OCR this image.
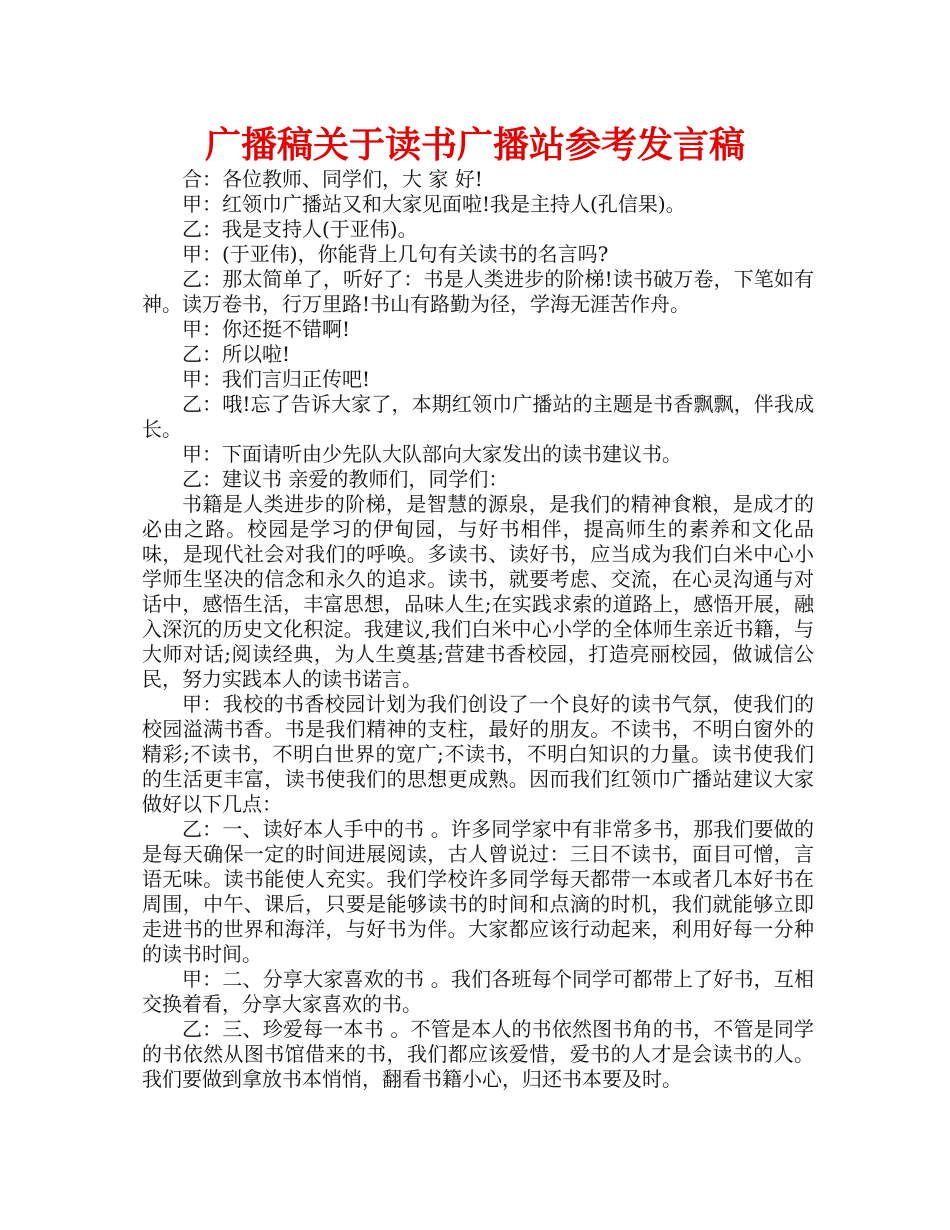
广播稿关于读书广播站参考发言稿

合：各位教师、同学们，大 家 好!

甲：红领巾广播站又和大家见面啦!我是主持人(孔信果)。

乙：我是支持人(于亚伟)。

甲：(于亚伟)，你能背上几句有关读书的名言吗?

乙：那太简单了，听好了：书是人类进步的阶梯!读书破万卷，下笔如有神。读万卷书，行万里路!书山有路勤为径，学海无涯苦作舟。

甲：你还挺不错啊!

乙：所以啦!

甲：我们言归正传吧!

乙：哦!忘了告诉大家了，本期红领巾广播站的主题是书香飘飘，伴我成长。

甲：下面请听由少先队大队部向大家发出的读书建议书。

乙：建议书 亲爱的教师们，同学们：

书籍是人类进步的阶梯，是智慧的源泉，是我们的精神食粮，是成才的必由之路。校园是学习的伊甸园，与好书相伴，提高师生的素养和文化品味，是现代社会对我们的呼唤。多读书、读好书，应当成为我们白米中心小学师生坚决的信念和永久的追求。读书，就要考虑、交流，在心灵沟通与对话中，感悟生活，丰富思想，品味人生;在实践求索的道路上，感悟开展，融入深沉的历史文化积淀。我建议,我们白米中心小学的全体师生亲近书籍，与大师对话;阅读经典，为人生奠基;营建书香校园，打造亮丽校园，做诚信公民，努力实践本人的读书诺言。

甲：我校的书香校园计划为我们创设了一个良好的读书气氛，使我们的校园溢满书香。书是我们精神的支柱，最好的朋友。不读书，不明白窗外的精彩;不读书，不明白世界的宽广;不读书，不明白知识的力量。读书使我们的生活更丰富，读书使我们的思想更成熟。因而我们红领巾广播站建议大家做好以下几点：

乙：一、读好本人手中的书 。许多同学家中有非常多书，那我们要做的是每天确保一定的时间进展阅读，古人曾说过：三日不读书，面目可憎，言语无味。读书能使人充实。我们学校许多同学每天都带一本或者几本好书在周围，中午、课后，只要是能够读书的时间和点滴的时机，我们就能够立即走进书的世界和海洋，与好书为伴。大家都应该行动起来，利用好每一分种的读书时间。

甲：二、分享大家喜欢的书 。我们各班每个同学可都带上了好书，互相交换着看，分享大家喜欢的书。

乙：三、珍爱每一本书 。不管是本人的书依然图书角的书，不管是同学的书依然从图书馆借来的书，我们都应该爱惜，爱书的人才是会读书的人。我们要做到拿放书本悄悄，翻看书籍小心，归还书本要及时。
